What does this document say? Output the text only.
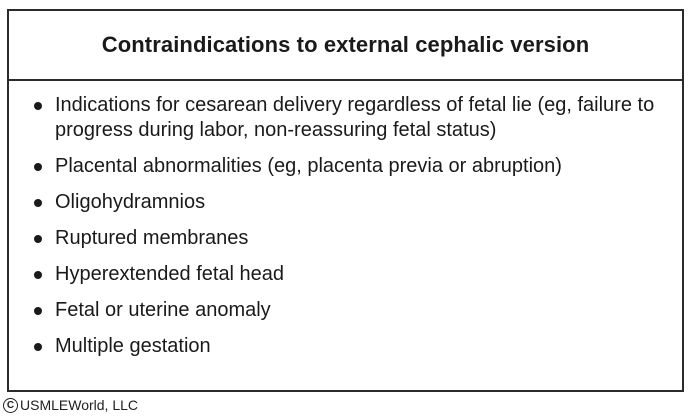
Contraindications to external cephalic version
Indications for cesarean delivery regardless of fetal lie (eg, failure to progress during labor, non-reassuring fetal status)
Placental abnormalities (eg, placenta previa or abruption)
Oligohydramnios
Ruptured membranes
Hyperextended fetal head
Fetal or uterine anomaly
Multiple gestation
C USMLEWorld, LLC
